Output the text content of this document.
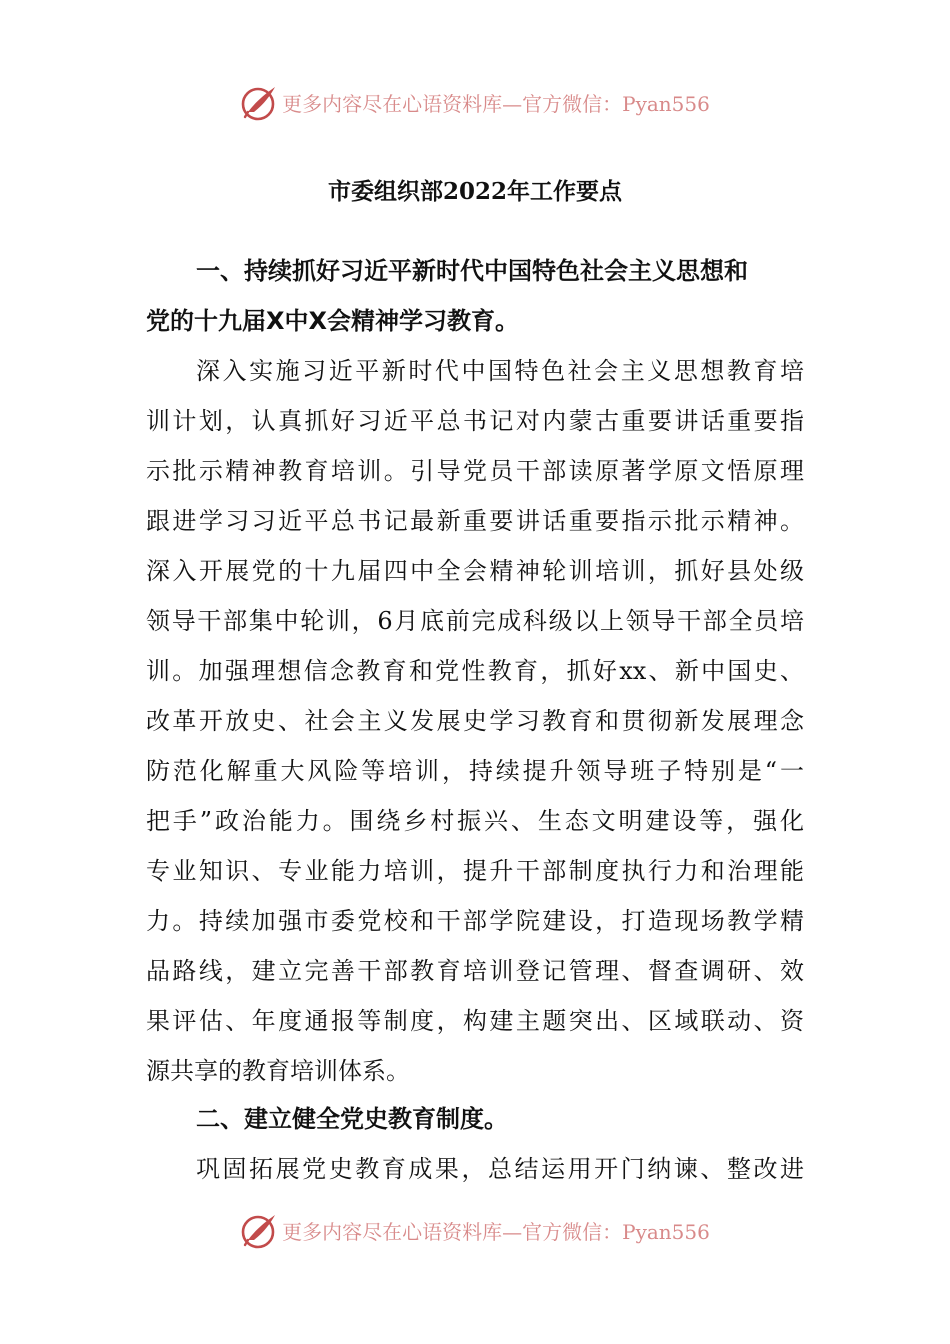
更多内容尽在心语资料库—官方微信：Pyan556
市委组织部2022年工作要点
一、持续抓好习近平新时代中国特色社会主义思想和
党的十九届X中X会精神学习教育。
深入实施习近平新时代中国特色社会主义思想教育培
训计划，认真抓好习近平总书记对内蒙古重要讲话重要指
示批示精神教育培训。引导党员干部读原著学原文悟原理
跟进学习习近平总书记最新重要讲话重要指示批示精神。
深入开展党的十九届四中全会精神轮训培训，抓好县处级
领导干部集中轮训，6月底前完成科级以上领导干部全员培
训。加强理想信念教育和党性教育，抓好xx、新中国史、
改革开放史、社会主义发展史学习教育和贯彻新发展理念
防范化解重大风险等培训，持续提升领导班子特别是“一
把手”政治能力。围绕乡村振兴、生态文明建设等，强化
专业知识、专业能力培训，提升干部制度执行力和治理能
力。持续加强市委党校和干部学院建设，打造现场教学精
品路线，建立完善干部教育培训登记管理、督查调研、效
果评估、年度通报等制度，构建主题突出、区域联动、资
源共享的教育培训体系。
二、建立健全党史教育制度。
巩固拓展党史教育成果，总结运用开门纳谏、整改进
更多内容尽在心语资料库—官方微信：Pyan556
